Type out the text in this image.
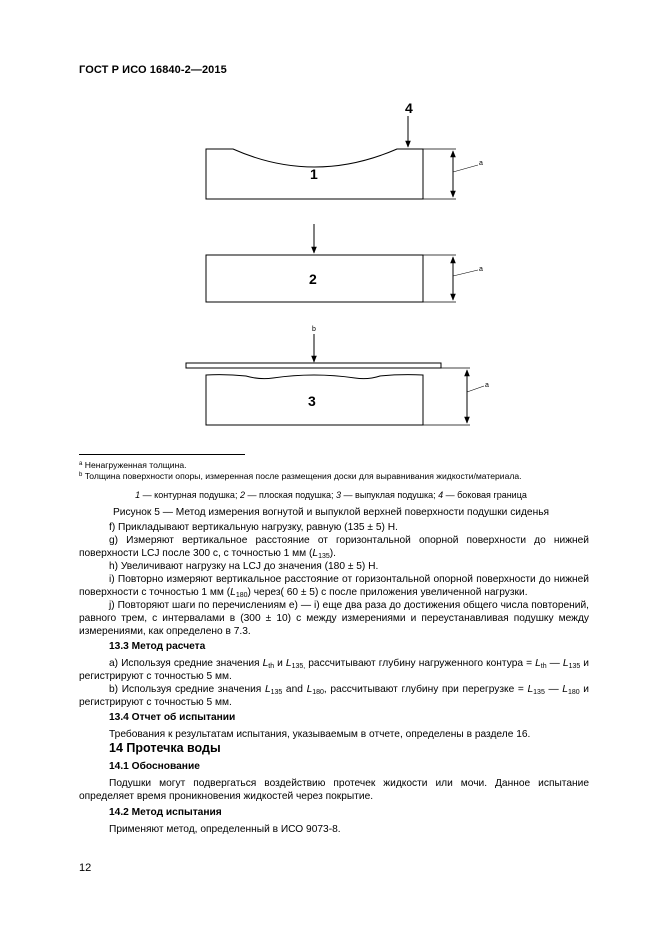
ГОСТ Р ИСО 16840-2—2015
4
1
a
2
a
b
3
a
$^a$ Ненагруженная толщина.
$^b$ Толщина поверхности опоры, измеренная после размещения доски для выравнивания жидкости/материала.
1 — контурная подушка; 2 — плоская подушка; 3 — выпуклая подушка; 4 — боковая граница
Рисунок 5 — Метод измерения вогнутой и выпуклой верхней поверхности подушки сиденья

f) Прикладывают вертикальную нагрузку, равную (135 ± 5) Н.

g) Измеряют вертикальное расстояние от горизонтальной опорной поверхности до нижней поверхности LCJ после 300 с, с точностью 1 мм $(L_{135})$.

h) Увеличивают нагрузку на LCJ до значения (180 ± 5) Н.

i) Повторно измеряют вертикальное расстояние от горизонтальной опорной поверхности до нижней поверхности с точностью 1 мм $(L_{180})$ через( 60 ± 5) с после приложения увеличенной нагрузки.

j) Повторяют шаги по перечислениям е) — i) еще два раза до достижения общего числа повторений, равного трем, с интервалами в (300 ± 10) с между измерениями и переустанавливая подушку между измерениями, как определено в 7.3.

13.3 Метод расчета

a) Используя средние значения $L_{th}$ и $L_{135,}$ рассчитывают глубину нагруженного контура = $L_{th}$ — $L_{135}$ и регистрируют с точностью 5 мм.

b) Используя средние значения $L_{135}$ and $L_{180}$, рассчитывают глубину при перегрузке = $L_{135}$ — $L_{180}$ и регистрируют с точностью 5 мм.

13.4 Отчет об испытании

Требования к результатам испытания, указываемым в отчете, определены в разделе 16.

14 Протечка воды

14.1 Обоснование

Подушки могут подвергаться воздействию протечек жидкости или мочи. Данное испытание определяет время проникновения жидкостей через покрытие.

14.2 Метод испытания

Применяют метод, определенный в ИСО 9073-8.

12
